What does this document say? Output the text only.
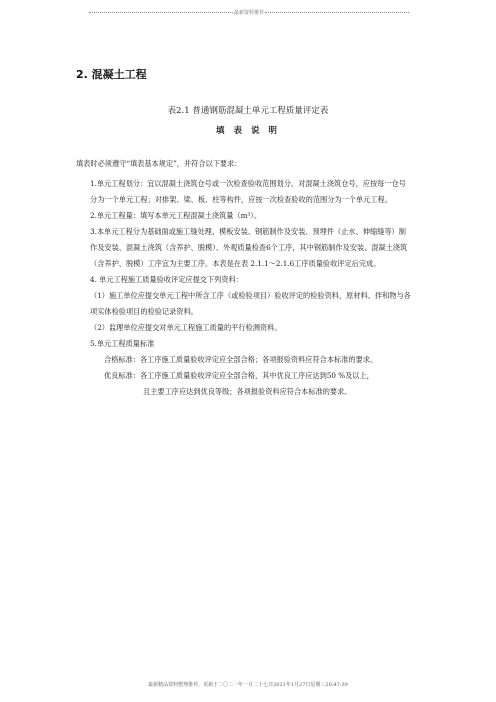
最新资料推荐
2. 混凝土工程
表2.1 普通钢筋混凝土单元工程质量评定表
填 表 说 明

填表时必须遵守“填表基本规定”，并符合以下要求：

1.单元工程划分：宜以混凝土浇筑仓号或一次检查验收范围划分。对混凝土浇筑仓号，应按每一仓号分为一个单元工程；对排架、梁、板、柱等构件，应按一次检查验收的范围分为一个单元工程。

2.单元工程量：填写本单元工程混凝土浇筑量（m³）。

3.本单元工程分为基础面或施工缝处理、模板安装、钢筋制作及安装、预埋件（止水、伸缩缝等）制作及安装、混凝土浇筑（含养护、脱模）、外观质量检查6个工序，其中钢筋制作及安装、混凝土浇筑（含养护、脱模）工序宜为主要工序。本表是在表 2.1.1～2.1.6工序质量验收评定后完成。

4. 单元工程施工质量验收评定应提交下列资料：

（1）施工单位应提交单元工程中所含工序（或检验项目）验收评定的检验资料，原材料、拌和物与各项实体检验项目的检验记录资料。

（2）监理单位应提交对单元工程施工质量的平行检测资料。

5.单元工程质量标准

合格标准：各工序施工质量验收评定应全部合格；各项报验资料应符合本标准的要求。

优良标准：各工序施工质量验收评定应全部合格，其中优良工序应达到50 %及以上，

且主要工序应达到优良等级；各项报验资料应符合本标准的要求。

最新精品资料整理推荐，更新于二〇二一年一月二十七日2021年1月27日星期三20:47:39
